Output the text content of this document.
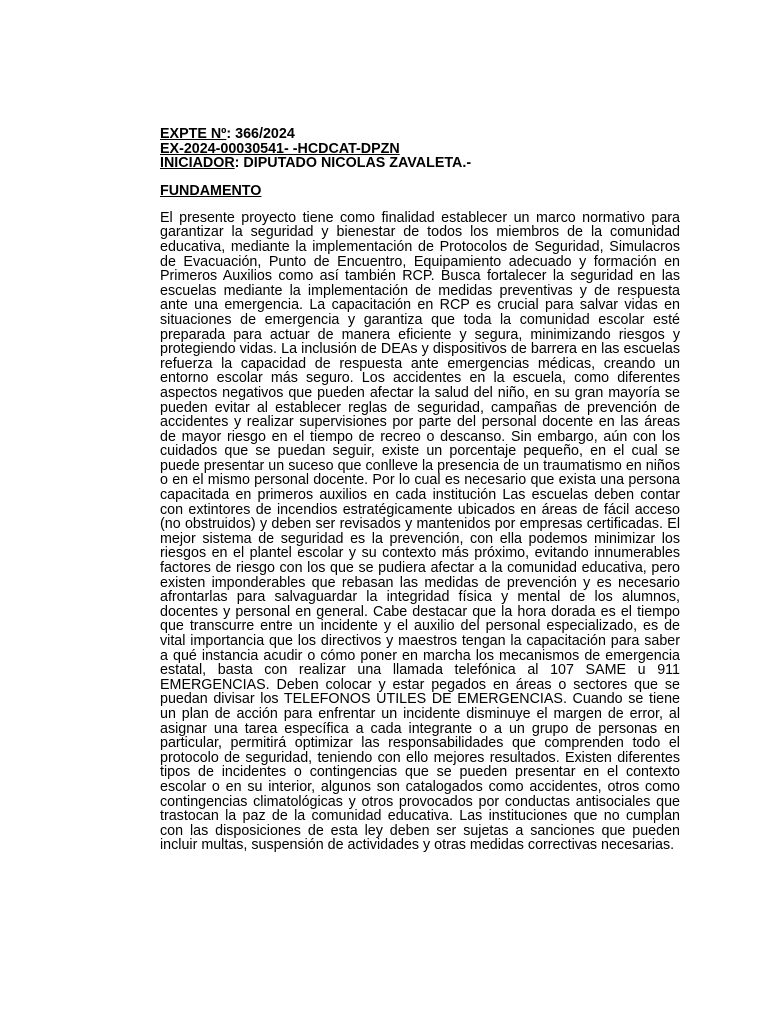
EXPTE Nº: 366/2024
EX-2024-00030541- -HCDCAT-DPZN
INICIADOR: DIPUTADO NICOLAS ZAVALETA.-
FUNDAMENTO
El presente proyecto tiene como finalidad establecer un marco normativo para garantizar la seguridad y bienestar de todos los miembros de la comunidad educativa, mediante la implementación de Protocolos de Seguridad, Simulacros de Evacuación, Punto de Encuentro, Equipamiento adecuado y formación en Primeros Auxilios como así también RCP. Busca fortalecer la seguridad en las escuelas mediante la implementación de medidas preventivas y de respuesta ante una emergencia. La capacitación en RCP es crucial para salvar vidas en situaciones de emergencia y garantiza que toda la comunidad escolar esté preparada para actuar de manera eficiente y segura, minimizando riesgos y protegiendo vidas. La inclusión de DEAs y dispositivos de barrera en las escuelas refuerza la capacidad de respuesta ante emergencias médicas, creando un entorno escolar más seguro. Los accidentes en la escuela, como diferentes aspectos negativos que pueden afectar la salud del niño, en su gran mayoría se pueden evitar al establecer reglas de seguridad, campañas de prevención de accidentes y realizar supervisiones por parte del personal docente en las áreas de mayor riesgo en el tiempo de recreo o descanso. Sin embargo, aún con los cuidados que se puedan seguir, existe un porcentaje pequeño, en el cual se puede presentar un suceso que conlleve la presencia de un traumatismo en niños o en el mismo personal docente. Por lo cual es necesario que exista una persona capacitada en primeros auxilios en cada institución Las escuelas deben contar con extintores de incendios estratégicamente ubicados en áreas de fácil acceso (no obstruidos) y deben ser revisados y mantenidos por empresas certificadas. El mejor sistema de seguridad es la prevención, con ella podemos minimizar los riesgos en el plantel escolar y su contexto más próximo, evitando innumerables factores de riesgo con los que se pudiera afectar a la comunidad educativa, pero existen imponderables que rebasan las medidas de prevención y es necesario afrontarlas para salvaguardar la integridad física y mental de los alumnos, docentes y personal en general. Cabe destacar que la hora dorada es el tiempo que transcurre entre un incidente y el auxilio del personal especializado, es de vital importancia que los directivos y maestros tengan la capacitación para saber a qué instancia acudir o cómo poner en marcha los mecanismos de emergencia estatal, basta con realizar una llamada telefónica al 107 SAME u 911 EMERGENCIAS. Deben colocar y estar pegados en áreas o sectores que se puedan divisar los TELEFONOS UTILES DE EMERGENCIAS. Cuando se tiene un plan de acción para enfrentar un incidente disminuye el margen de error, al asignar una tarea específica a cada integrante o a un grupo de personas en particular, permitirá optimizar las responsabilidades que comprenden todo el protocolo de seguridad, teniendo con ello mejores resultados. Existen diferentes tipos de incidentes o contingencias que se pueden presentar en el contexto escolar o en su interior, algunos son catalogados como accidentes, otros como contingencias climatológicas y otros provocados por conductas antisociales que trastocan la paz de la comunidad educativa. Las instituciones que no cumplan con las disposiciones de esta ley deben ser sujetas a sanciones que pueden incluir multas, suspensión de actividades y otras medidas correctivas necesarias.
